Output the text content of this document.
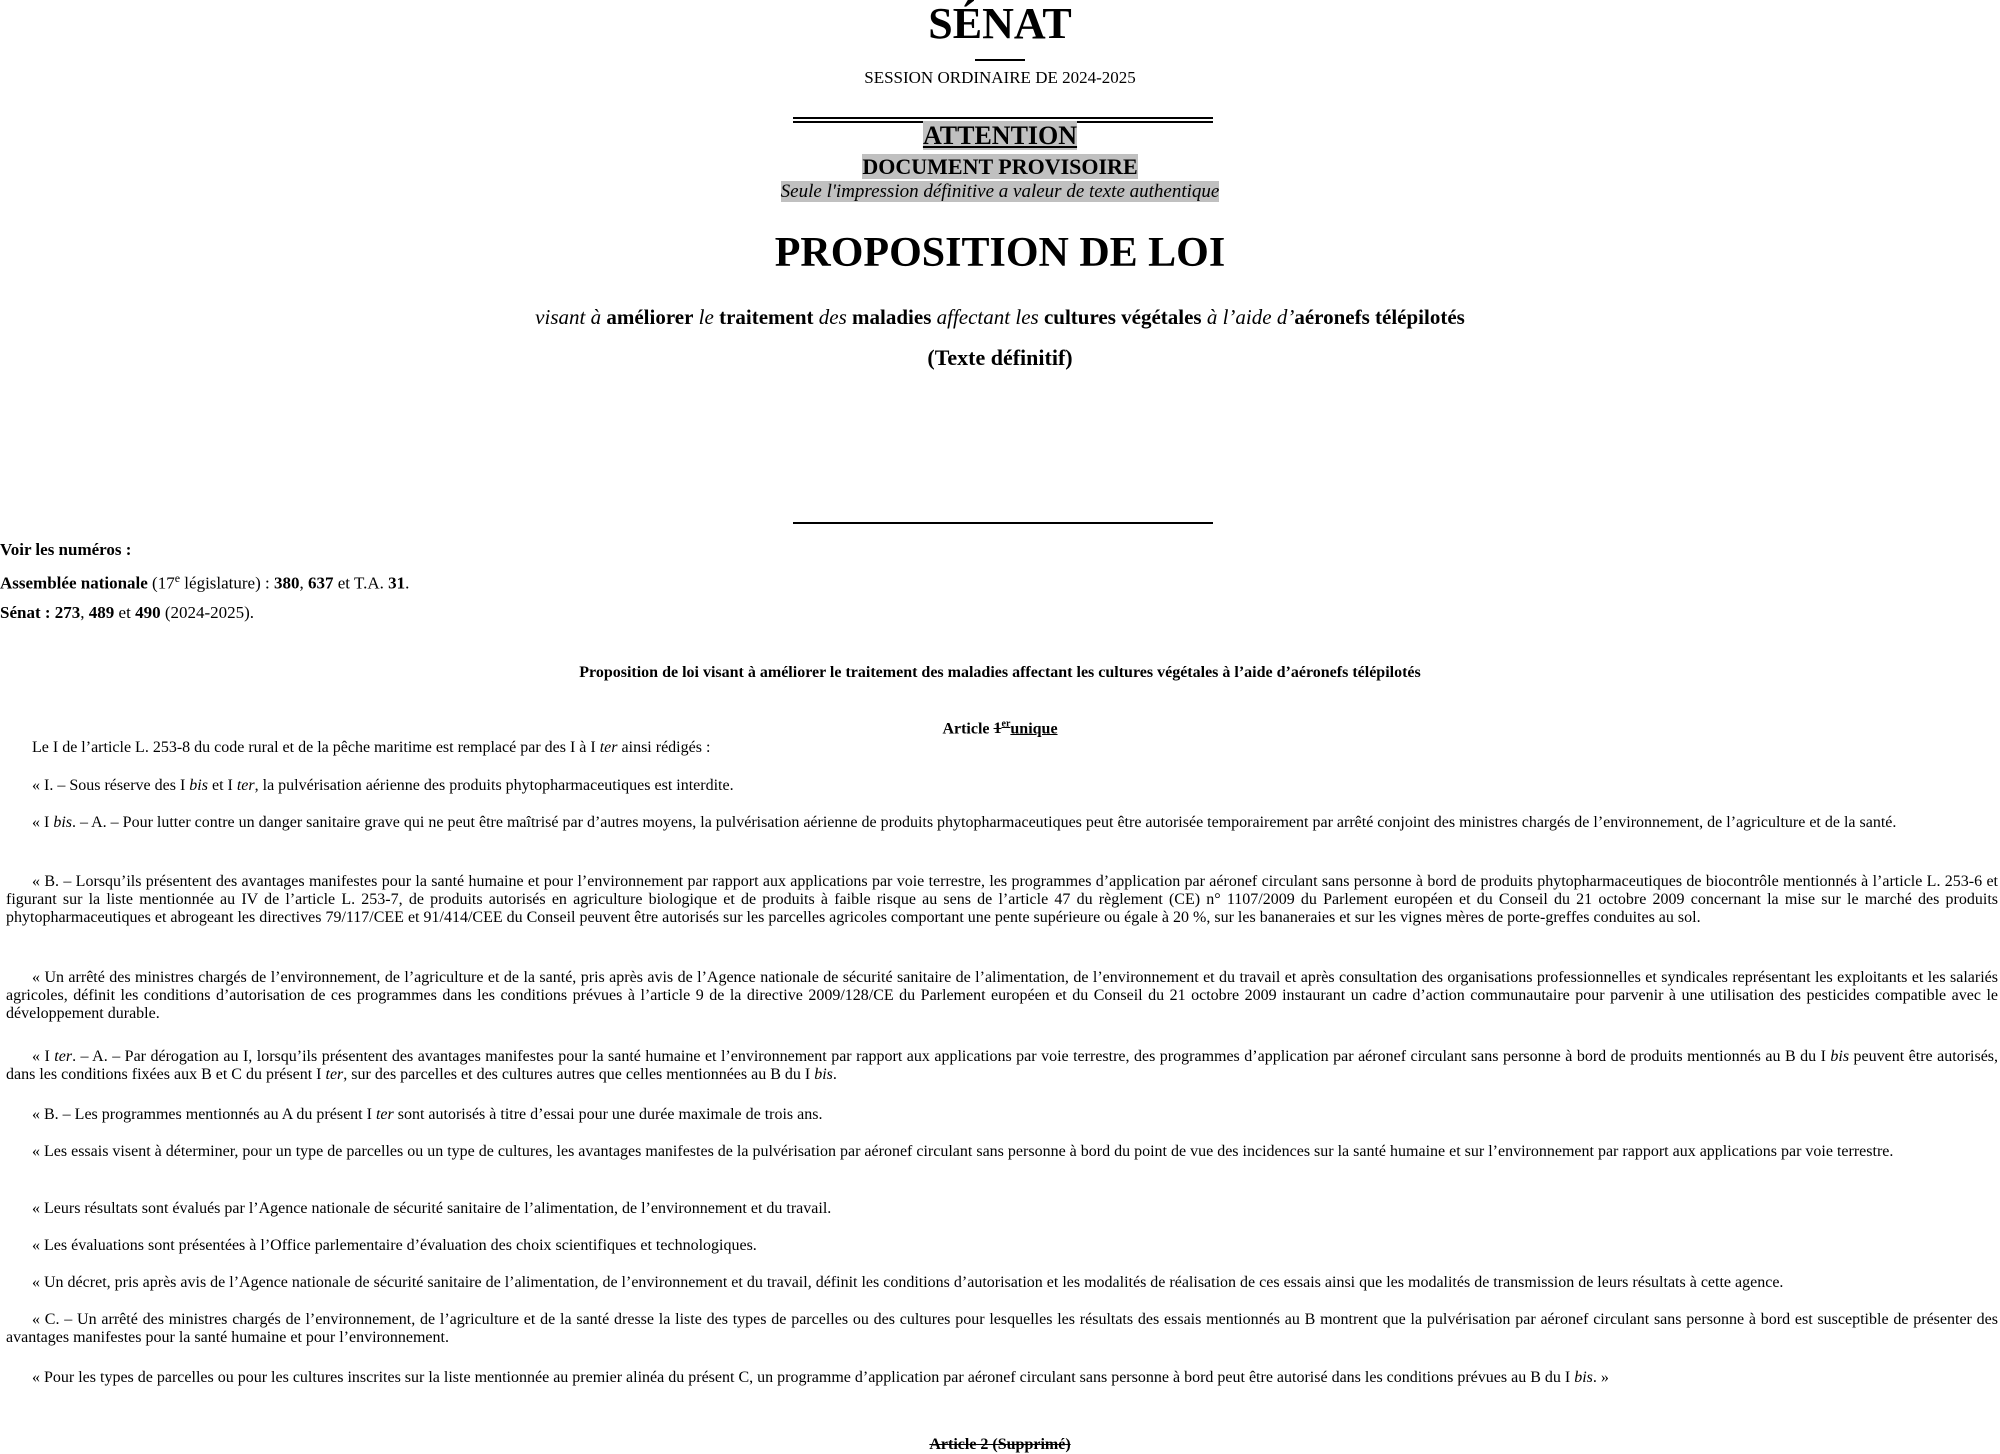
SÉNAT
SESSION ORDINAIRE DE 2024-2025
ATTENTION
DOCUMENT PROVISOIRE
Seule l'impression définitive a valeur de texte authentique
PROPOSITION DE LOI
visant à améliorer le traitement des maladies affectant les cultures végétales à l’aide d’aéronefs télépilotés
(Texte définitif)
Voir les numéros :
Assemblée nationale (17e législature) : 380, 637 et T.A. 31.
Sénat : 273, 489 et 490 (2024-2025).
Proposition de loi visant à améliorer le traitement des maladies affectant les cultures végétales à l’aide d’aéronefs télépilotés
Article 1erunique
Le I de l’article L. 253-8 du code rural et de la pêche maritime est remplacé par des I à I ter ainsi rédigés :
« I. – Sous réserve des I bis et I ter, la pulvérisation aérienne des produits phytopharmaceutiques est interdite.
« I bis. – A. – Pour lutter contre un danger sanitaire grave qui ne peut être maîtrisé par d’autres moyens, la pulvérisation aérienne de produits phytopharmaceutiques peut être autorisée temporairement par arrêté conjoint des ministres chargés de l’environnement, de l’agriculture et de la santé.
« B. – Lorsqu’ils présentent des avantages manifestes pour la santé humaine et pour l’environnement par rapport aux applications par voie terrestre, les programmes d’application par aéronef circulant sans personne à bord de produits phytopharmaceutiques de biocontrôle mentionnés à l’article L. 253-6 et figurant sur la liste mentionnée au IV de l’article L. 253-7, de produits autorisés en agriculture biologique et de produits à faible risque au sens de l’article 47 du règlement (CE) n° 1107/2009 du Parlement européen et du Conseil du 21 octobre 2009 concernant la mise sur le marché des produits phytopharmaceutiques et abrogeant les directives 79/117/CEE et 91/414/CEE du Conseil peuvent être autorisés sur les parcelles agricoles comportant une pente supérieure ou égale à 20 %, sur les bananeraies et sur les vignes mères de porte-greffes conduites au sol.
« Un arrêté des ministres chargés de l’environnement, de l’agriculture et de la santé, pris après avis de l’Agence nationale de sécurité sanitaire de l’alimentation, de l’environnement et du travail et après consultation des organisations professionnelles et syndicales représentant les exploitants et les salariés agricoles, définit les conditions d’autorisation de ces programmes dans les conditions prévues à l’article 9 de la directive 2009/128/CE du Parlement européen et du Conseil du 21 octobre 2009 instaurant un cadre d’action communautaire pour parvenir à une utilisation des pesticides compatible avec le développement durable.
« I ter. – A. – Par dérogation au I, lorsqu’ils présentent des avantages manifestes pour la santé humaine et l’environnement par rapport aux applications par voie terrestre, des programmes d’application par aéronef circulant sans personne à bord de produits mentionnés au B du I bis peuvent être autorisés, dans les conditions fixées aux B et C du présent I ter, sur des parcelles et des cultures autres que celles mentionnées au B du I bis.
« B. – Les programmes mentionnés au A du présent I ter sont autorisés à titre d’essai pour une durée maximale de trois ans.
« Les essais visent à déterminer, pour un type de parcelles ou un type de cultures, les avantages manifestes de la pulvérisation par aéronef circulant sans personne à bord du point de vue des incidences sur la santé humaine et sur l’environnement par rapport aux applications par voie terrestre.
« Leurs résultats sont évalués par l’Agence nationale de sécurité sanitaire de l’alimentation, de l’environnement et du travail.
« Les évaluations sont présentées à l’Office parlementaire d’évaluation des choix scientifiques et technologiques.
« Un décret, pris après avis de l’Agence nationale de sécurité sanitaire de l’alimentation, de l’environnement et du travail, définit les conditions d’autorisation et les modalités de réalisation de ces essais ainsi que les modalités de transmission de leurs résultats à cette agence.
« C. – Un arrêté des ministres chargés de l’environnement, de l’agriculture et de la santé dresse la liste des types de parcelles ou des cultures pour lesquelles les résultats des essais mentionnés au B montrent que la pulvérisation par aéronef circulant sans personne à bord est susceptible de présenter des avantages manifestes pour la santé humaine et pour l’environnement.
« Pour les types de parcelles ou pour les cultures inscrites sur la liste mentionnée au premier alinéa du présent C, un programme d’application par aéronef circulant sans personne à bord peut être autorisé dans les conditions prévues au B du I bis. »
Article 2 (Supprimé)
